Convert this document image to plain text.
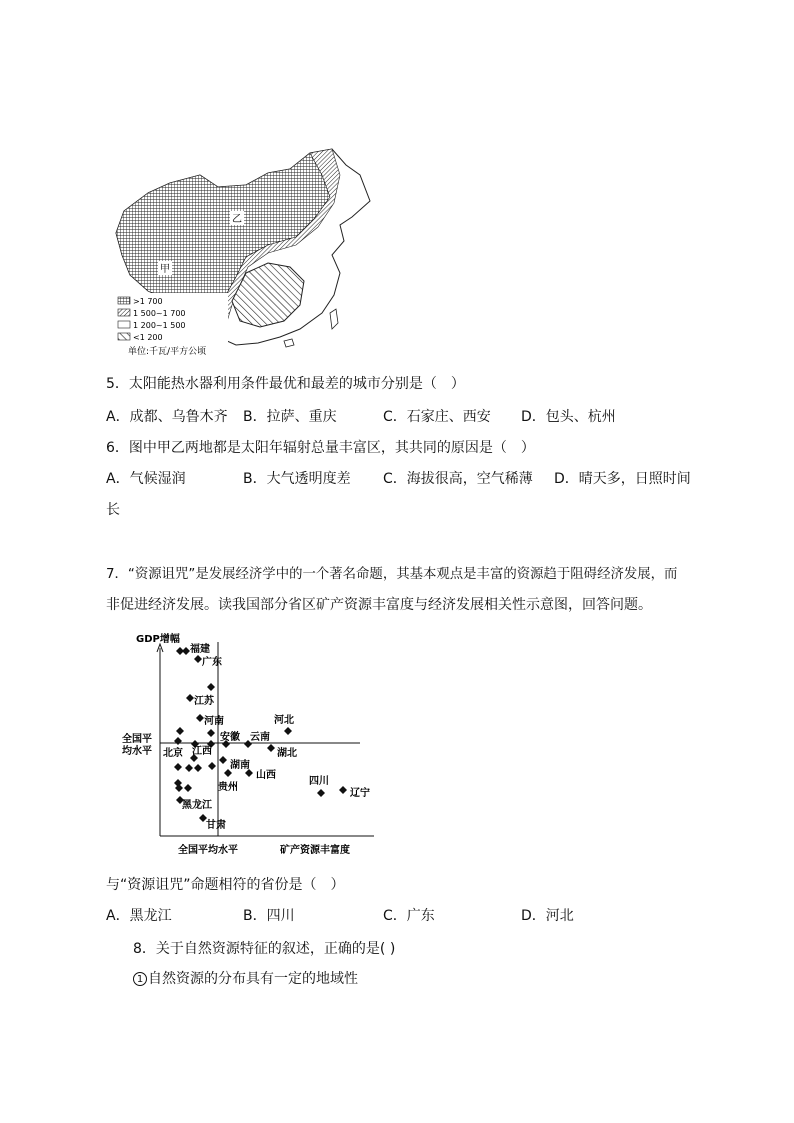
乙
甲
>1 700
1 500~1 700
1 200~1 500
<1 200
单位:千瓦/平方公顷
5．太阳能热水器利用条件最优和最差的城市分别是（　）
A．成都、乌鲁木齐 B．拉萨、重庆	C．石家庄、西安 D．包头、杭州
6．图中甲乙两地都是太阳年辐射总量丰富区，其共同的原因是（　）
A．气候湿润	B．大气透明度差 C．海拔很高，空气稀薄 D．晴天多，日照时间
长
7．“资源诅咒”是发展经济学中的一个著名命题，其基本观点是丰富的资源趋于阻碍经济发展，而
非促进经济发展。读我国部分省区矿产资源丰富度与经济发展相关性示意图，回答问题。
GDP增幅
矿产资源丰富度
全国平均水平
全国平
均水平
福建
广东
江苏
河南	河北
安徽 云南
北京 江西	湖北
湖南
山西
四川
辽宁
贵州
黑龙江
甘肃
与“资源诅咒”命题相符的省份是（　）
A．黑龙江	B．四川	C．广东	D．河北
8．关于自然资源特征的叙述，正确的是( )
1 自然资源的分布具有一定的地域性
